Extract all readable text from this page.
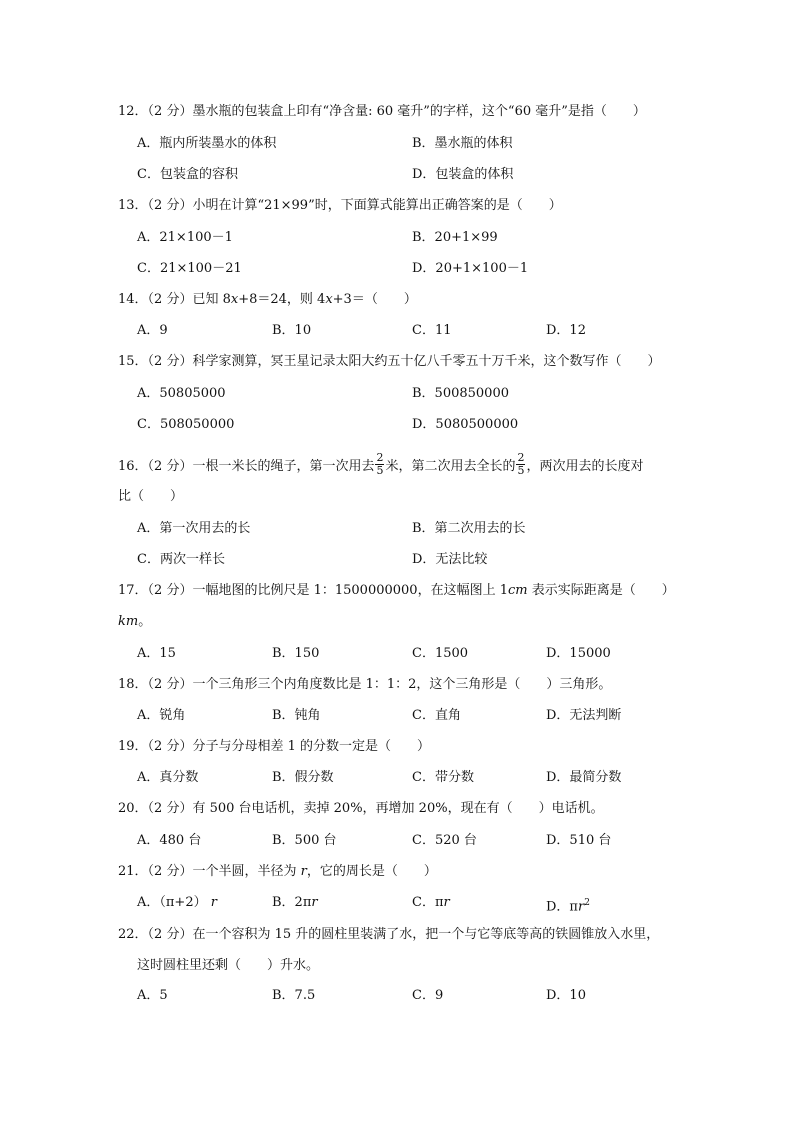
12．（2 分）墨水瓶的包装盒上印有“净含量: 60 毫升”的字样，这个“60 毫升”是指（　　）
A．瓶内所装墨水的体积	B．墨水瓶的体积
C．包装盒的容积	D．包装盒的体积
13．（2 分）小明在计算“21×99”时，下面算式能算出正确答案的是（　　）
A．21×100－1	B．20+1×99
C．21×100－21	D．20+1×100－1
14．（2 分）已知 8x+8＝24，则 4x+3＝（　　）
A．9	B．10	C．11	D．12
15．（2 分）科学家测算，冥王星记录太阳大约五十亿八千零五十万千米，这个数写作（　　）
A．50805000	B．500850000
C．508050000	D．5080500000
16．（2 分）一根一米长的绳子，第一次用去 $\frac{2}{5}$ 米，第二次用去全长的 $\frac{2}{5}$ ，两次用去的长度对
比（　　）
A．第一次用去的长	B．第二次用去的长
C．两次一样长	D．无法比较
17．（2 分）一幅地图的比例尺是 1：1500000000，在这幅图上 1cm 表示实际距离是（　　）
km。
A．15	B．150	C．1500	D．15000
18．（2 分）一个三角形三个内角度数比是 1：1：2，这个三角形是（　　）三角形。
A．锐角	B．钝角	C．直角	D．无法判断
19．（2 分）分子与分母相差 1 的分数一定是（　　）
A．真分数	B．假分数	C．带分数	D．最简分数
20．（2 分）有 500 台电话机，卖掉 20%，再增加 20%，现在有（　　）电话机。
A．480 台	B．500 台	C．520 台	D．510 台
21．（2 分）一个半圆，半径为 r，它的周长是（　　）
A．（π+2） r	B．2πr	C．πr	D．$\pi r^2$
22．（2 分）在一个容积为 15 升的圆柱里装满了水，把一个与它等底等高的铁圆锥放入水里，
这时圆柱里还剩（　　）升水。
A．5	B．7.5	C．9	D．10
